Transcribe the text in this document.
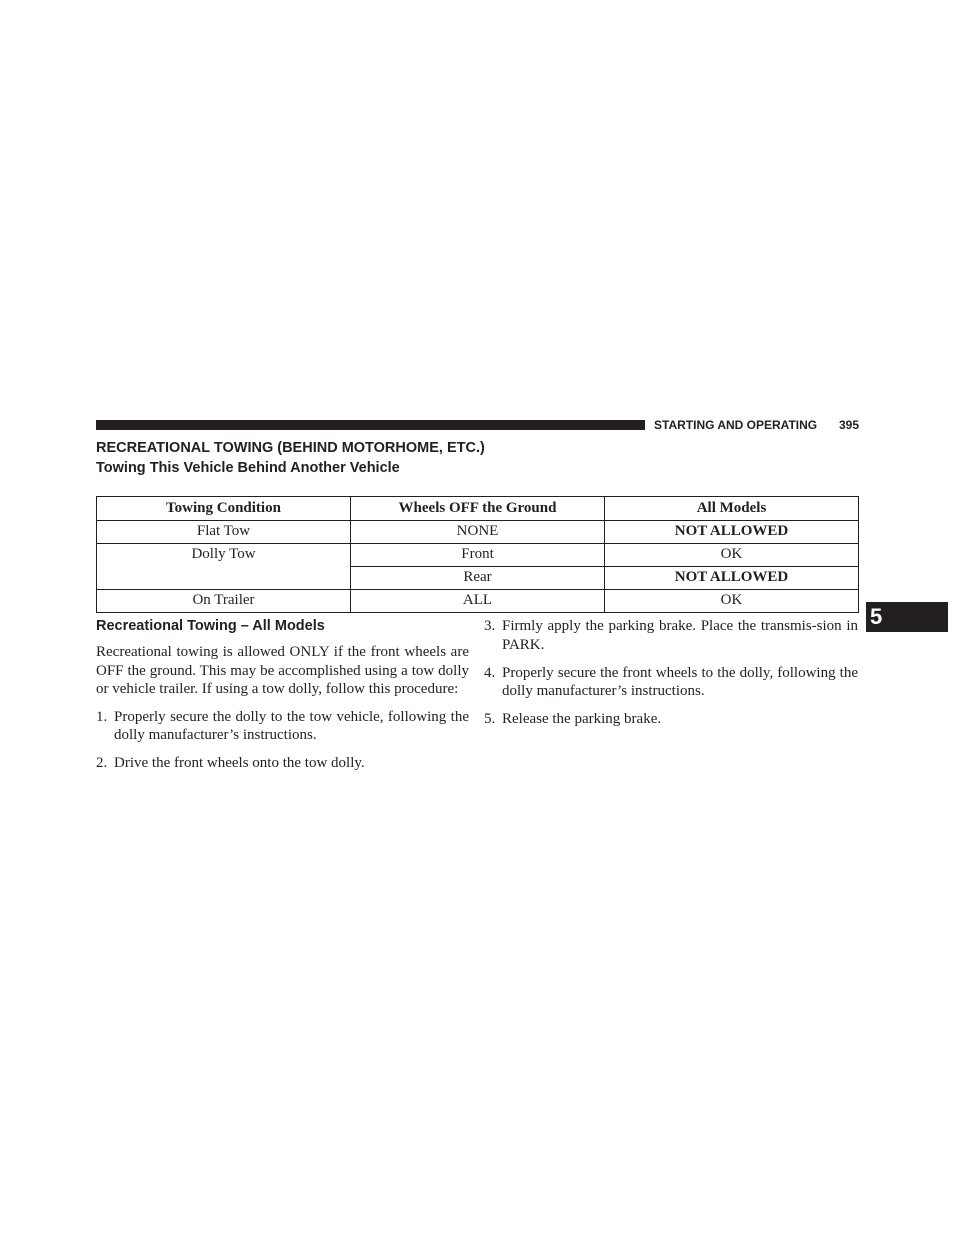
STARTING AND OPERATING 395
RECREATIONAL TOWING (BEHIND MOTORHOME, ETC.)
Towing This Vehicle Behind Another Vehicle
Towing Condition	Wheels OFF the Ground	All Models
Flat Tow	NONE	NOT ALLOWED
Dolly Tow	Front	OK
	Rear	NOT ALLOWED
On Trailer	ALL	OK
5
Recreational Towing – All Models

Recreational towing is allowed ONLY if the front wheels are OFF the ground. This may be accomplished using a tow dolly or vehicle trailer. If using a tow dolly, follow this procedure:

1. Properly secure the dolly to the tow vehicle, following the dolly manufacturer’s instructions.
2. Drive the front wheels onto the tow dolly.
3. Firmly apply the parking brake. Place the transmis-sion in PARK.
4. Properly secure the front wheels to the dolly, following the dolly manufacturer’s instructions.
5. Release the parking brake.
